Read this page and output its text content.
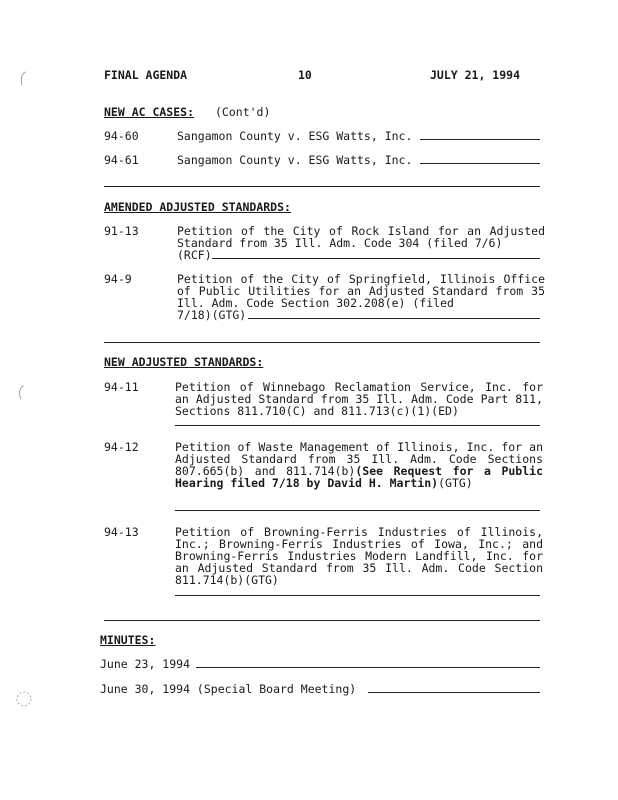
FINAL AGENDA	10	JULY 21, 1994
NEW AC CASES: (Cont'd)
94-60	Sangamon County v. ESG Watts, Inc.
94-61	Sangamon County v. ESG Watts, Inc.
AMENDED ADJUSTED STANDARDS:
91-13	Petition of the City of Rock Island for an Adjusted Standard from 35 Ill. Adm. Code 304 (filed 7/6)
(RCF)
94-9	Petition of the City of Springfield, Illinois Office of Public Utilities for an Adjusted Standard from 35 Ill. Adm. Code Section 302.208(e) (filed
7/18)(GTG)
NEW ADJUSTED STANDARDS:
94-11	Petition of Winnebago Reclamation Service, Inc. for an Adjusted Standard from 35 Ill. Adm. Code Part 811, Sections 811.710(C) and 811.713(c)(1)(ED)
94-12	Petition of Waste Management of Illinois, Inc. for an Adjusted Standard from 35 Ill. Adm. Code Sections 807.665(b) and 811.714(b)(See Request for a Public Hearing filed 7/18 by David H. Martin)(GTG)
94-13	Petition of Browning-Ferris Industries of Illinois, Inc.; Browning-Ferris Industries of Iowa, Inc.; and Browning-Ferris Industries Modern Landfill, Inc. for an Adjusted Standard from 35 Ill. Adm. Code Section 811.714(b)(GTG)
MINUTES:
June 23, 1994
June 30, 1994 (Special Board Meeting)
